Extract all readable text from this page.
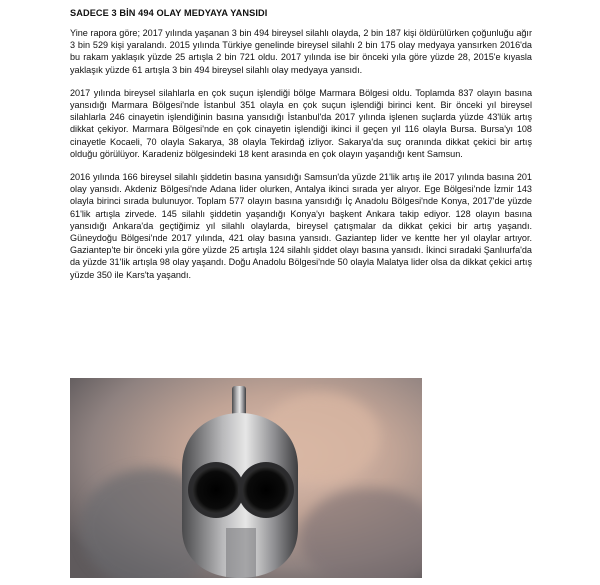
SADECE 3 BİN 494 OLAY MEDYAYA YANSIDI

Yine rapora göre; 2017 yılında yaşanan 3 bin 494 bireysel silahlı olayda, 2 bin 187 kişi öldürülürken çoğunluğu ağır 3 bin 529 kişi yaralandı. 2015 yılında Türkiye genelinde bireysel silahlı 2 bin 175 olay medyaya yansırken 2016'da bu rakam yaklaşık yüzde 25 artışla 2 bin 721 oldu. 2017 yılında ise bir önceki yıla göre yüzde 28, 2015'e kıyasla yaklaşık yüzde 61 artışla 3 bin 494 bireysel silahlı olay medyaya yansıdı.

2017 yılında bireysel silahlarla en çok suçun işlendiği bölge Marmara Bölgesi oldu. Toplamda 837 olayın basına yansıdığı Marmara Bölgesi'nde İstanbul 351 olayla en çok suçun işlendiği birinci kent. Bir önceki yıl bireysel silahlarla 246 cinayetin işlendiğinin basına yansıdığı İstanbul'da 2017 yılında işlenen suçlarda yüzde 43'lük artış dikkat çekiyor. Marmara Bölgesi'nde en çok cinayetin işlendiği ikinci il geçen yıl 116 olayla Bursa. Bursa'yı 108 cinayetle Kocaeli, 70 olayla Sakarya, 38 olayla Tekirdağ izliyor. Sakarya'da suç oranında dikkat çekici bir artış olduğu görülüyor. Karadeniz bölgesindeki 18 kent arasında en çok olayın yaşandığı kent Samsun.

2016 yılında 166 bireysel silahlı şiddetin basına yansıdığı Samsun'da yüzde 21'lik artış ile 2017 yılında basına 201 olay yansıdı. Akdeniz Bölgesi'nde Adana lider olurken, Antalya ikinci sırada yer alıyor. Ege Bölgesi'nde İzmir 143 olayla birinci sırada bulunuyor. Toplam 577 olayın basına yansıdığı İç Anadolu Bölgesi'nde Konya, 2017'de yüzde 61'lik artışla zirvede. 145 silahlı şiddetin yaşandığı Konya'yı başkent Ankara takip ediyor. 128 olayın basına yansıdığı Ankara'da geçtiğimiz yıl silahlı olaylarda, bireysel çatışmalar da dikkat çekici bir artış yaşandı. Güneydoğu Bölgesi'nde 2017 yılında, 421 olay basına yansıdı. Gaziantep lider ve kentte her yıl olaylar artıyor. Gaziantep'te bir önceki yıla göre yüzde 25 artışla 124 silahlı şiddet olayı basına yansıdı. İkinci sıradaki Şanlıurfa'da da yüzde 31'lik artışla 98 olay yaşandı. Doğu Anadolu Bölgesi'nde 50 olayla Malatya lider olsa da dikkat çekici artış yüzde 350 ile Kars'ta yaşandı.
